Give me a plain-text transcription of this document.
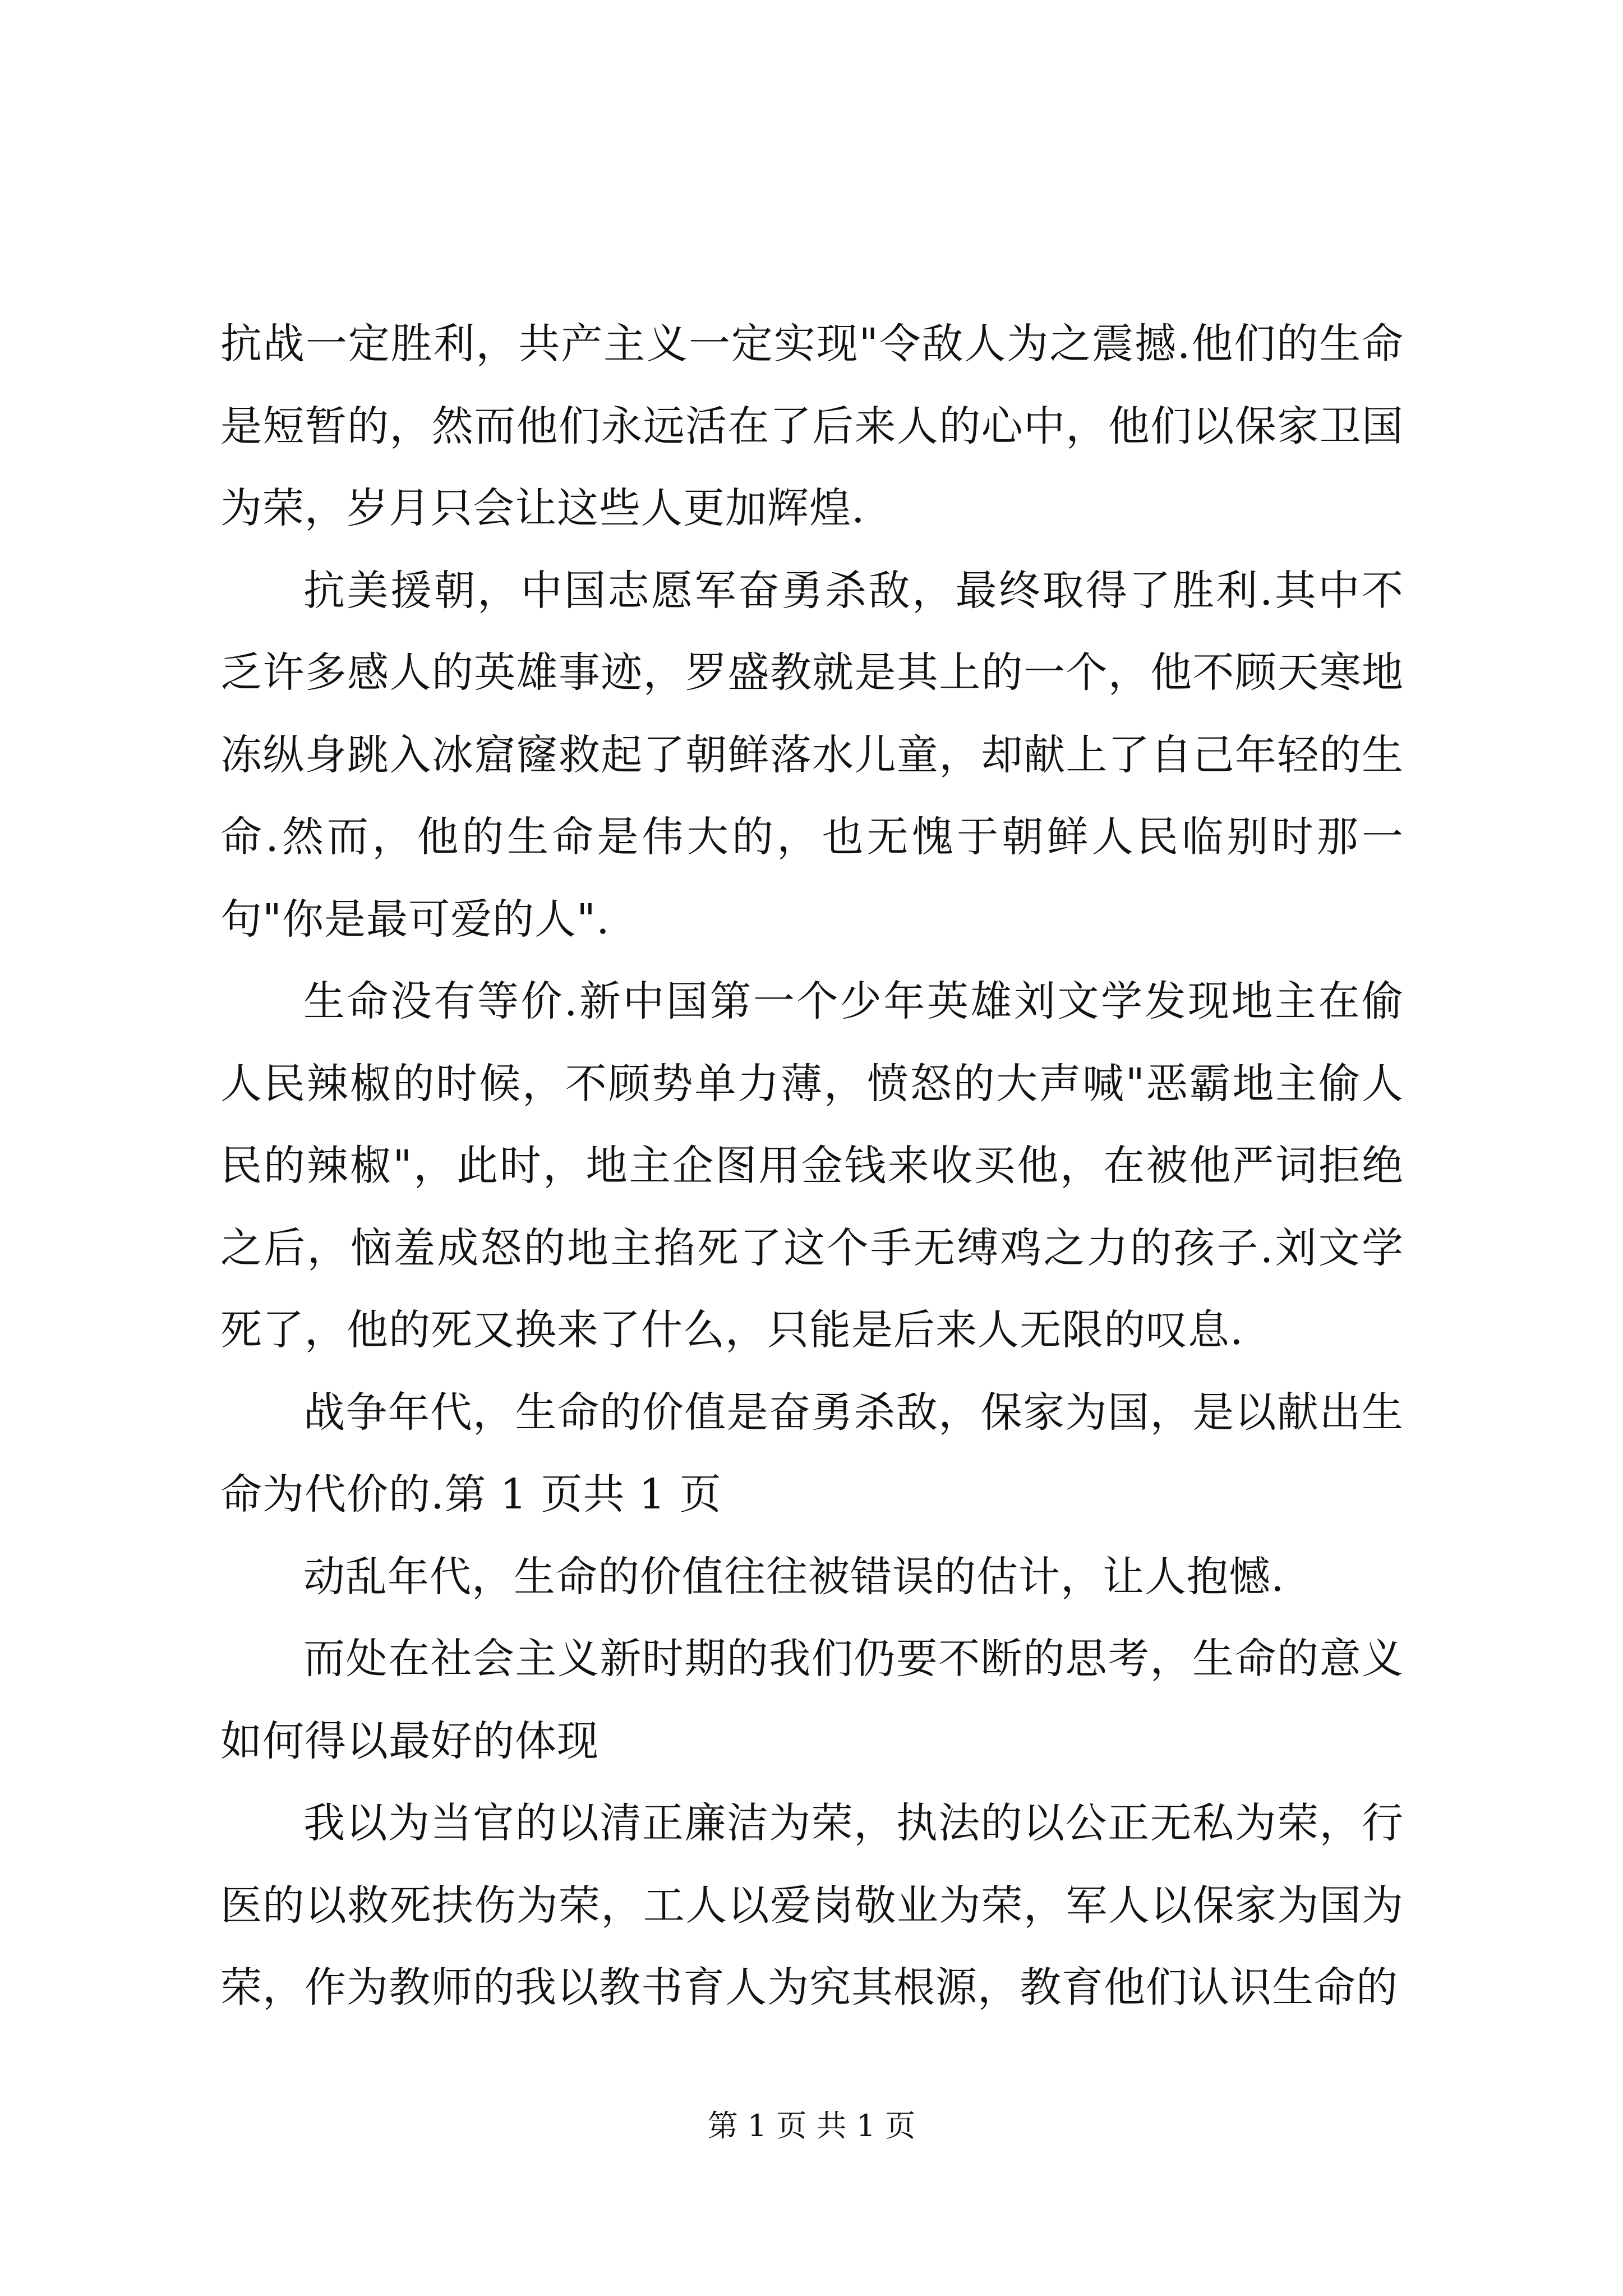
抗战一定胜利，共产主义一定实现"令敌人为之震撼.他们的生命是短暂的，然而他们永远活在了后来人的心中，他们以保家卫国为荣，岁月只会让这些人更加辉煌.

抗美援朝，中国志愿军奋勇杀敌，最终取得了胜利.其中不乏许多感人的英雄事迹，罗盛教就是其上的一个，他不顾天寒地冻纵身跳入冰窟窿救起了朝鲜落水儿童，却献上了自己年轻的生命.然而，他的生命是伟大的，也无愧于朝鲜人民临别时那一句"你是最可爱的人".

生命没有等价.新中国第一个少年英雄刘文学发现地主在偷人民辣椒的时候，不顾势单力薄，愤怒的大声喊"恶霸地主偷人民的辣椒"，此时，地主企图用金钱来收买他，在被他严词拒绝之后，恼羞成怒的地主掐死了这个手无缚鸡之力的孩子.刘文学死了，他的死又换来了什么，只能是后来人无限的叹息.

战争年代，生命的价值是奋勇杀敌，保家为国，是以献出生命为代价的.第 1 页共 1 页

动乱年代，生命的价值往往被错误的估计，让人抱憾.

而处在社会主义新时期的我们仍要不断的思考，生命的意义如何得以最好的体现

我以为当官的以清正廉洁为荣，执法的以公正无私为荣，行医的以救死扶伤为荣，工人以爱岗敬业为荣，军人以保家为国为荣，作为教师的我以教书育人为究其根源，教育他们认识生命的

第 1 页 共 1 页
